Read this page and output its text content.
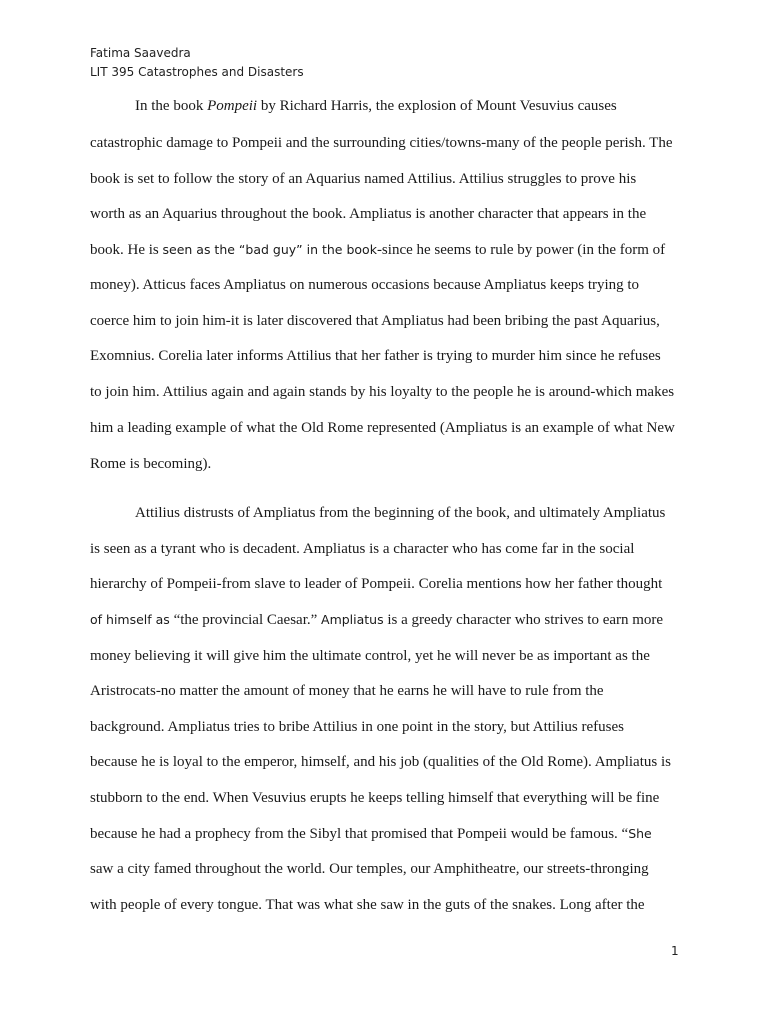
Fatima Saavedra
LIT 395 Catastrophes and Disasters
In the book Pompeii by Richard Harris, the explosion of Mount Vesuvius causes
catastrophic damage to Pompeii and the surrounding cities/towns-many of the people perish. The
book is set to follow the story of an Aquarius named Attilius. Attilius struggles to prove his
worth as an Aquarius throughout the book. Ampliatus is another character that appears in the
book. He is seen as the “bad guy” in the book-since he seems to rule by power (in the form of
money). Atticus faces Ampliatus on numerous occasions because Ampliatus keeps trying to
coerce him to join him-it is later discovered that Ampliatus had been bribing the past Aquarius,
Exomnius. Corelia later informs Attilius that her father is trying to murder him since he refuses
to join him. Attilius again and again stands by his loyalty to the people he is around-which makes
him a leading example of what the Old Rome represented (Ampliatus is an example of what New
Rome is becoming).
Attilius distrusts of Ampliatus from the beginning of the book, and ultimately Ampliatus
is seen as a tyrant who is decadent. Ampliatus is a character who has come far in the social
hierarchy of Pompeii-from slave to leader of Pompeii. Corelia mentions how her father thought
of himself as “the provincial Caesar.” Ampliatus is a greedy character who strives to earn more
money believing it will give him the ultimate control, yet he will never be as important as the
Aristrocats-no matter the amount of money that he earns he will have to rule from the
background. Ampliatus tries to bribe Attilius in one point in the story, but Attilius refuses
because he is loyal to the emperor, himself, and his job (qualities of the Old Rome). Ampliatus is
stubborn to the end. When Vesuvius erupts he keeps telling himself that everything will be fine
because he had a prophecy from the Sibyl that promised that Pompeii would be famous. “She
saw a city famed throughout the world. Our temples, our Amphitheatre, our streets-thronging
with people of every tongue. That was what she saw in the guts of the snakes. Long after the
1
